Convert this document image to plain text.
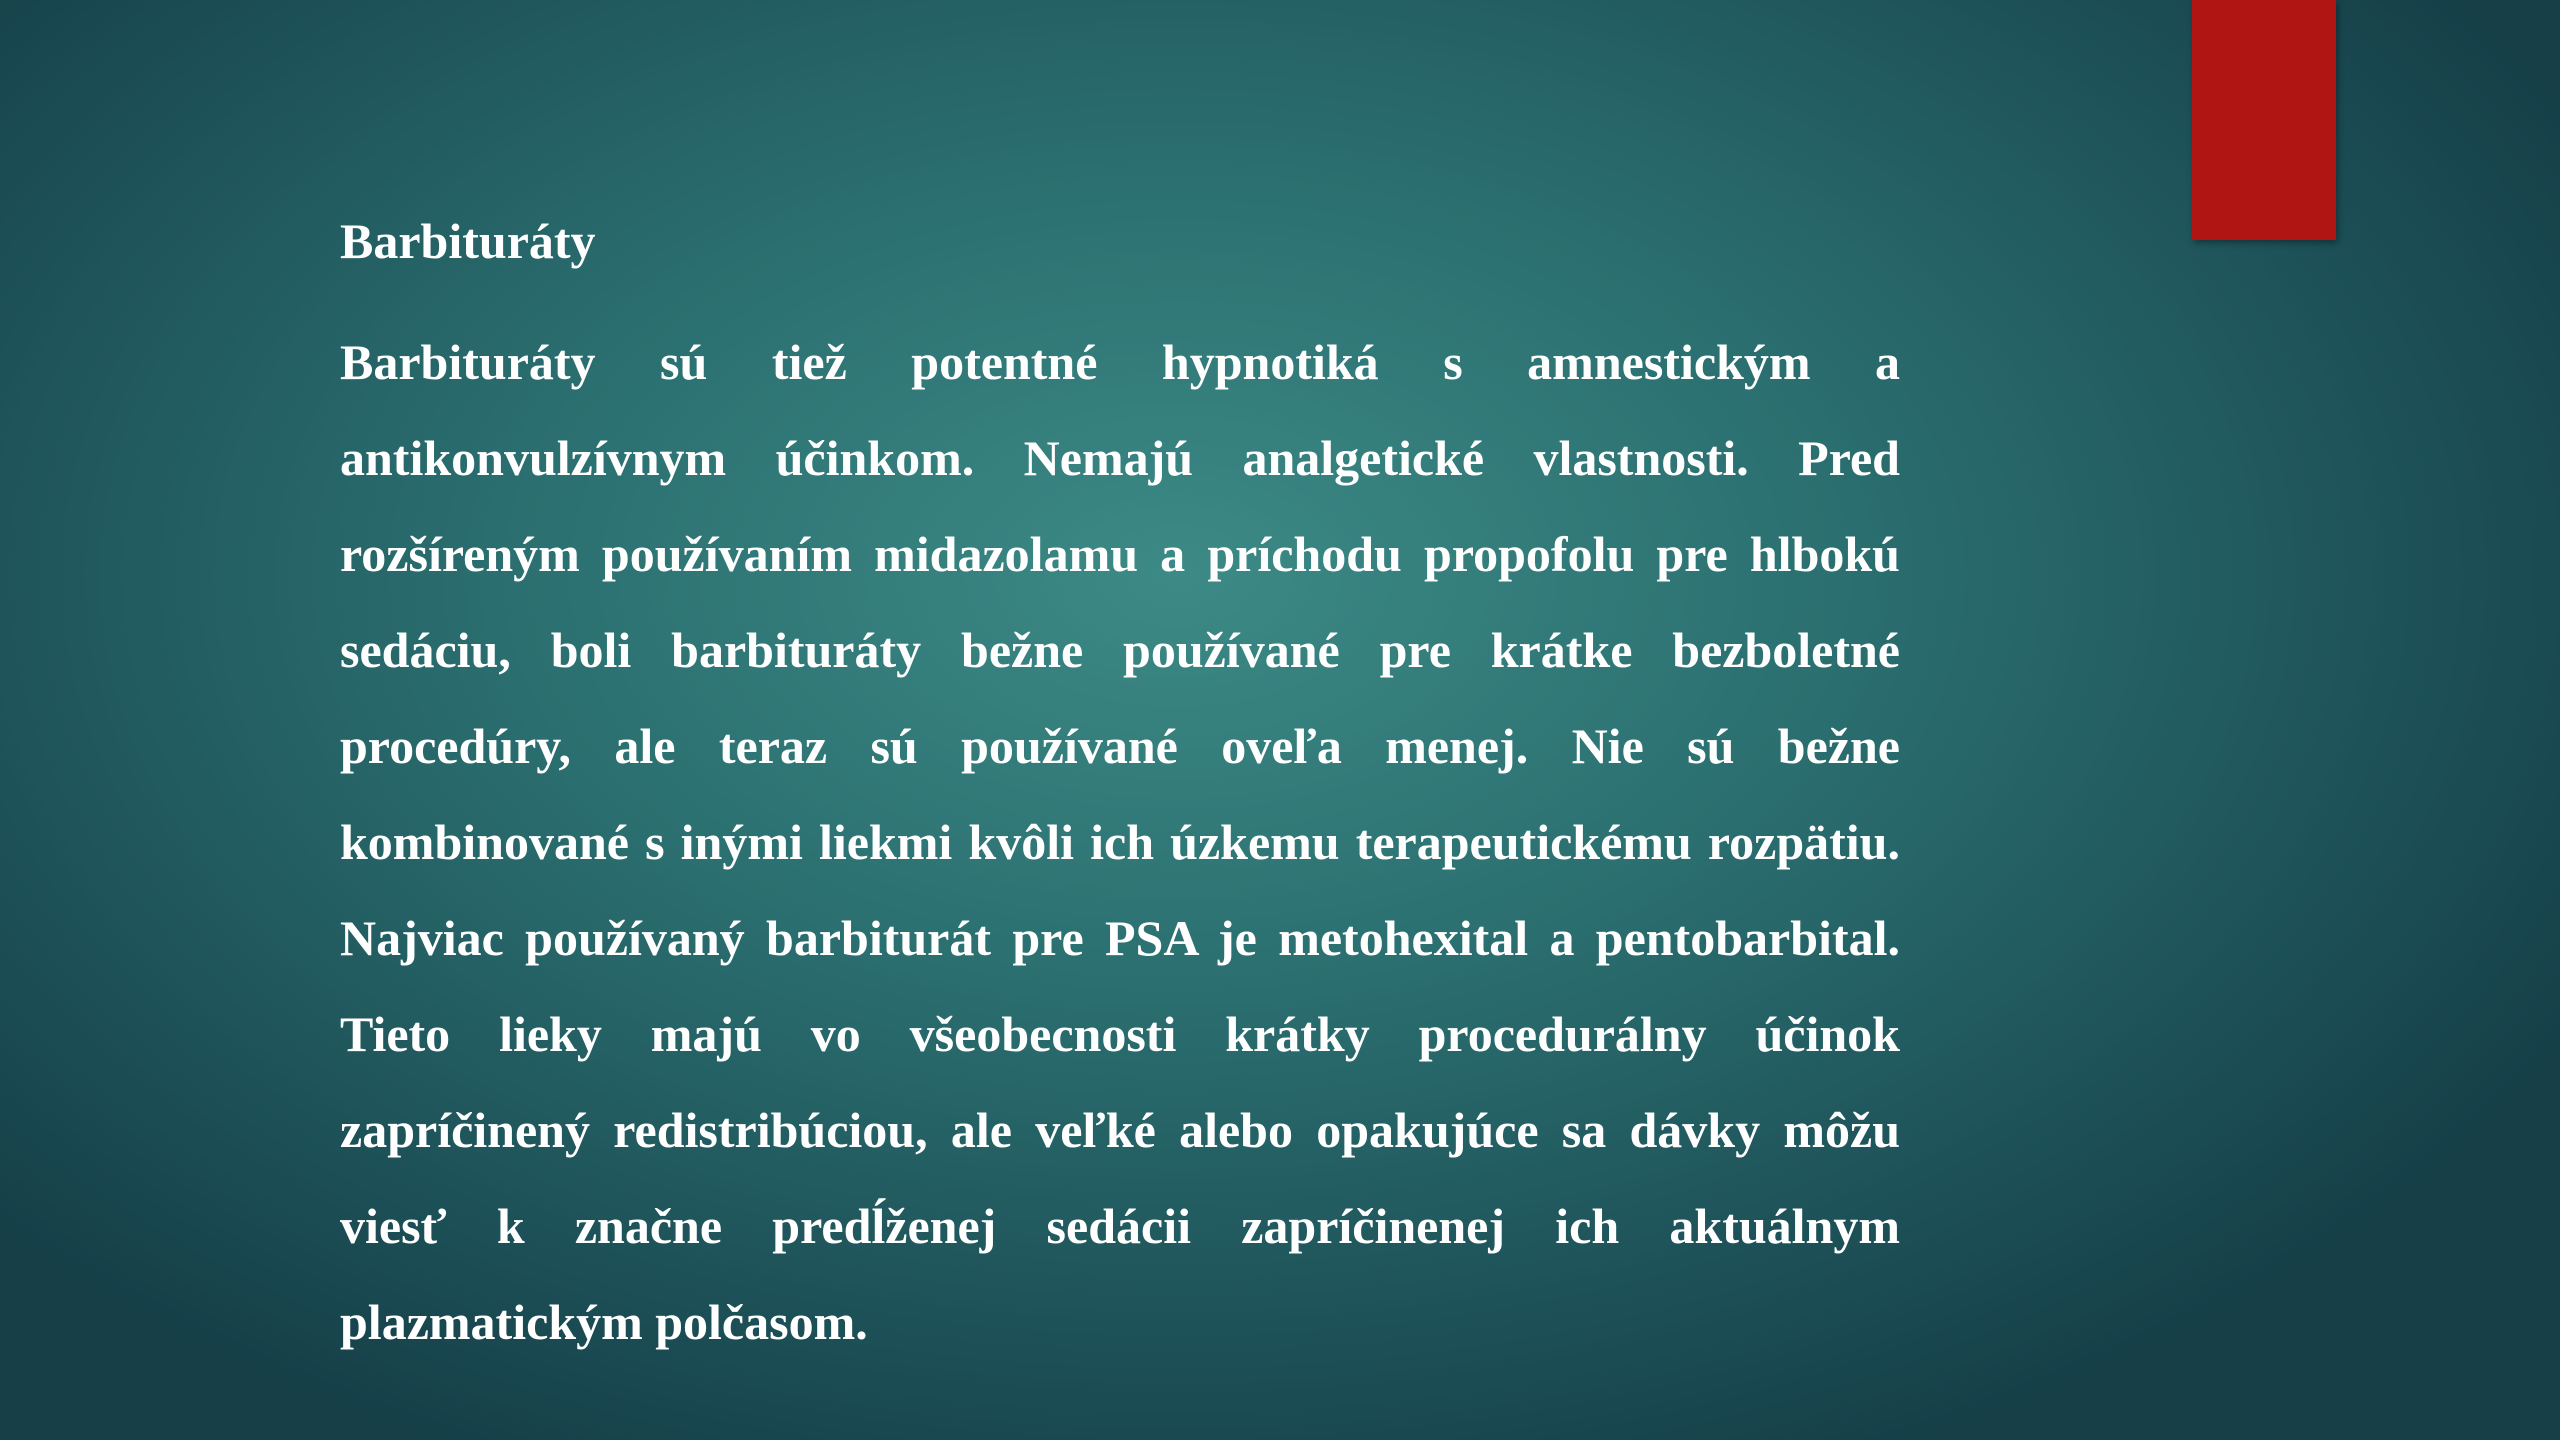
Barbituráty

Barbituráty sú tiež potentné hypnotiká s amnestickým a antikonvulzívnym účinkom. Nemajú analgetické vlastnosti. Pred rozšíreným používaním midazolamu a príchodu propofolu pre hlbokú sedáciu, boli barbituráty bežne používané pre krátke bezboletné procedúry, ale teraz sú používané oveľa menej. Nie sú bežne kombinované s inými liekmi kvôli ich úzkemu terapeutickému rozpätiu. Najviac používaný barbiturát pre PSA je metohexital a pentobarbital. Tieto lieky majú vo všeobecnosti krátky procedurálny účinok zapríčinený redistribúciou, ale veľké alebo opakujúce sa dávky môžu viesť k značne predĺženej sedácii zapríčinenej ich aktuálnym plazmatickým polčasom.
